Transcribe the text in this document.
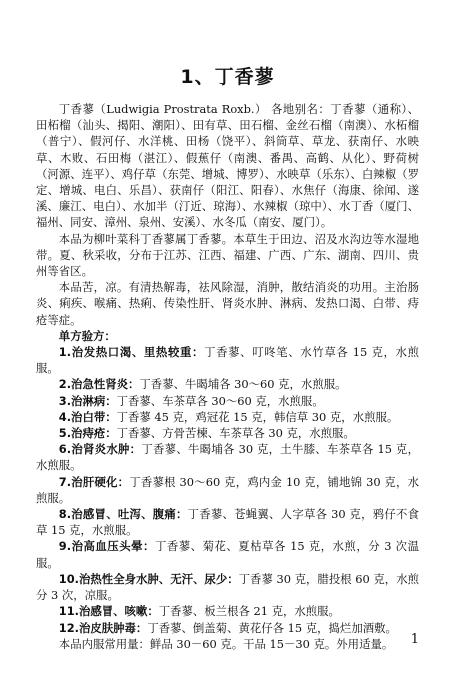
1、丁香蓼

丁香蓼（Ludwigia Prostrata Roxb.） 各地别名：丁香蓼（通称）、田柘榴（汕头、揭阳、潮阳）、田有草、田石榴、金丝石榴（南澳）、水柘榴（普宁）、假河仔、水洋桃、田杨（饶平）、斜筒草、草龙、获南仔、水映草、木败、石田梅（湛江）、假蕉仔（南澳、番禺、高鹤、从化）、野荷树（河源、连平）、鸡仔草（东莞、增城、博罗）、水映草（乐东）、白辣椒（罗定、增城、电白、乐昌）、获南仔（阳江、阳春）、水焦仔（海康、徐闻、遂溪、廉江、电白）、水加半（汀近、琼海）、水辣椒（琼中）、水丁香（厦门、福州、同安、漳州、泉州、安溪）、水冬瓜（南安、厦门）。

本品为柳叶菜科丁香蓼属丁香蓼。本草生于田边、沼及水沟边等水湿地带。夏、秋采收，分布于江苏、江西、福建、广西、广东、湖南、四川、贵州等省区。

本品苦，凉。有清热解毒，祛风除湿，消肿，散结消炎的功用。主治肠炎、痢疾、喉痛、热痢、传染性肝、肾炎水肿、淋病、发热口渴、白带、痔疮等症。

单方验方：

1.治发热口渴、里热较重：丁香蓼、叮咚笔、水竹草各 15 克，水煎服。

2.治急性肾炎：丁香蓼、牛暍埔各 30～60 克，水煎服。

3.治淋病：丁香蓼、车茶草各 30～60 克，水煎服。

4.治白带：丁香蓼 45 克，鸡冠花 15 克，韩信草 30 克，水煎服。

5.治痔疮：丁香蓼、方骨苦楝、车茶草各 30 克，水煎服。

6.治肾炎水肿：丁香蓼、牛暍埔各 30 克，土牛膝、车茶草各 15 克，水煎服。

7.治肝硬化：丁香蓼根 30～60 克，鸡内金 10 克，铺地锦 30 克，水煎服。

8.治感冒、吐泻、腹痛：丁香蓼、苍蝇翼、人字草各 30 克，鸦仔不食草 15 克，水煎服。

9.治高血压头晕：丁香蓼、菊花、夏枯草各 15 克，水煎，分 3 次温服。

10.治热性全身水肿、无汗、尿少：丁香蓼 30 克，腊投根 60 克，水煎分 3 次，凉服。

11.治感冒、咳嗽：丁香蓼、板兰根各 21 克，水煎服。

12.治皮肤肿毒：丁香蓼、倒盖菊、黄花仔各 15 克，捣烂加酒敷。

本品内服常用量：鲜品 30－60 克。干品 15－30 克。外用适量。	1
